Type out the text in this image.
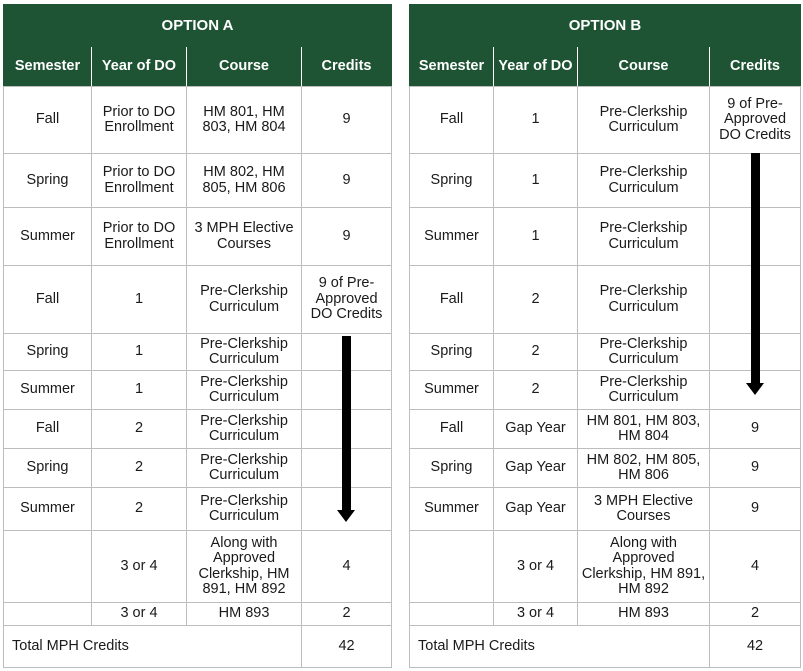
OPTION A			
Semester	Year of DO	Course	Credits
Fall	Prior to DO Enrollment	HM 801, HM 803, HM 804	9
Spring	Prior to DO Enrollment	HM 802, HM 805, HM 806	9
Summer	Prior to DO Enrollment	3 MPH Elective Courses	9
Fall	1	Pre-Clerkship Curriculum	9 of Pre-Approved DO Credits
Spring	1	Pre-Clerkship Curriculum	

Summer	1	Pre-Clerkship Curriculum	
Fall	2	Pre-Clerkship Curriculum	
Spring	2	Pre-Clerkship Curriculum	
Summer	2	Pre-Clerkship Curriculum	
	3 or 4	Along with Approved Clerkship, HM 891, HM 892	4
	3 or 4	HM 893	2
Total MPH Credits			42
OPTION B			
Semester	Year of DO	Course	Credits
Fall	1	Pre-Clerkship Curriculum	9 of Pre-Approved DO Credits
Spring	1	Pre-Clerkship Curriculum	

Summer	1	Pre-Clerkship Curriculum	
Fall	2	Pre-Clerkship Curriculum	
Spring	2	Pre-Clerkship Curriculum	
Summer	2	Pre-Clerkship Curriculum	
Fall	Gap Year	HM 801, HM 803, HM 804	9
Spring	Gap Year	HM 802, HM 805, HM 806	9
Summer	Gap Year	3 MPH Elective Courses	9
	3 or 4	Along with Approved Clerkship, HM 891, HM 892	4
	3 or 4	HM 893	2
Total MPH Credits			42
